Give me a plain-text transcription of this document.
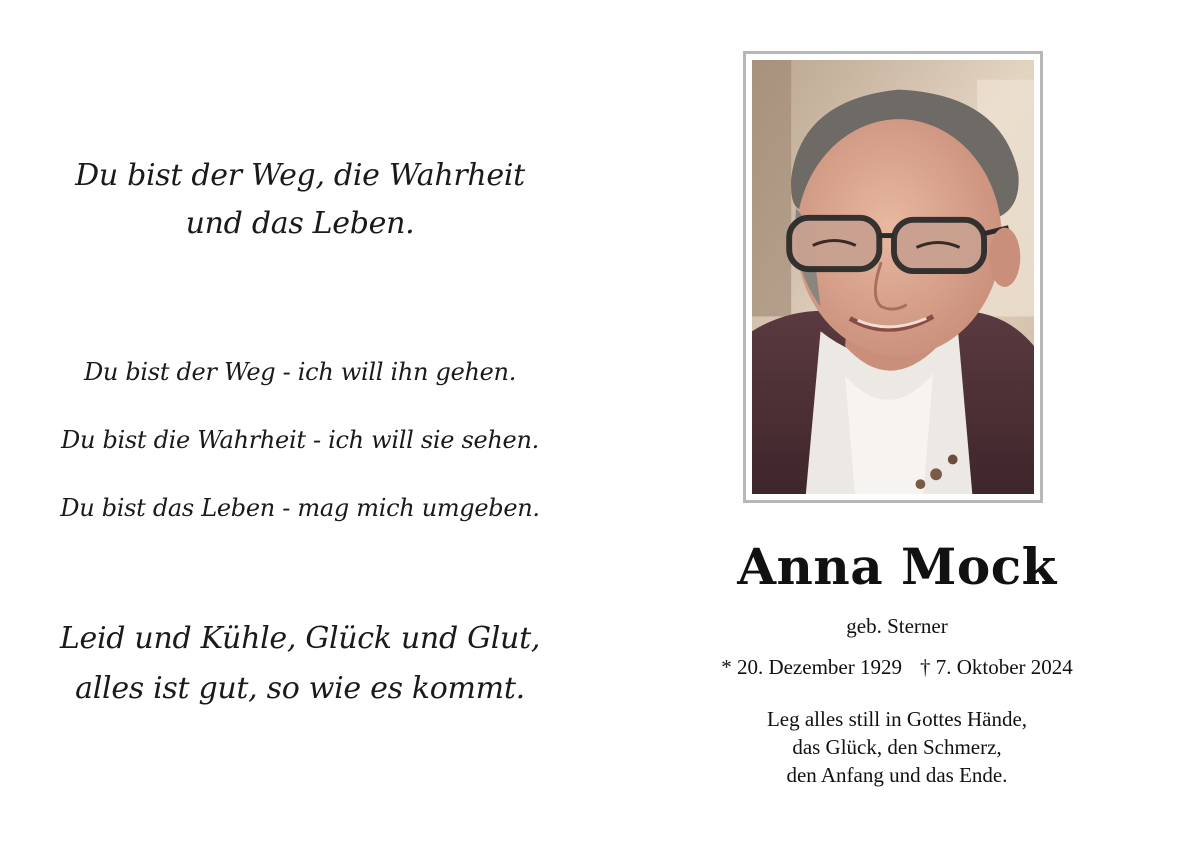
Du bist der Weg, die Wahrheit
und das Leben.
Du bist der Weg - ich will ihn gehen.
Du bist die Wahrheit - ich will sie sehen.
Du bist das Leben - mag mich umgeben.
Leid und Kühle, Glück und Glut,
alles ist gut, so wie es kommt.
Anna Mock
geb. Sterner
* 20. Dezember 1929 † 7. Oktober 2024
Leg alles still in Gottes Hände,
das Glück, den Schmerz,
den Anfang und das Ende.
